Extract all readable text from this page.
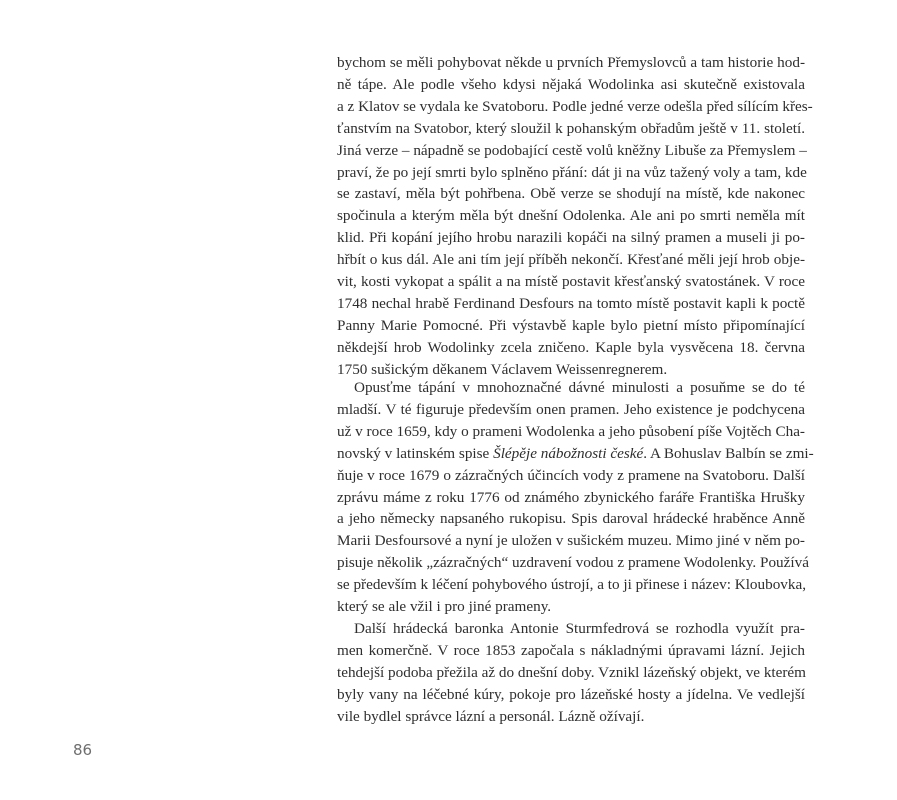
bychom se měli pohybovat někde u prvních Přemyslovců a tam historie hod-
ně tápe. Ale podle všeho kdysi nějaká Wodolinka asi skutečně existovala
a z Klatov se vydala ke Svatoboru. Podle jedné verze odešla před sílícím křes-
ťanstvím na Svatobor, který sloužil k pohanským obřadům ještě v 11. století.
Jiná verze – nápadně se podobající cestě volů kněžny Libuše za Přemyslem –
praví, že po její smrti bylo splněno přání: dát ji na vůz tažený voly a tam, kde
se zastaví, měla být pohřbena. Obě verze se shodují na místě, kde nakonec
spočinula a kterým měla být dnešní Odolenka. Ale ani po smrti neměla mít
klid. Při kopání jejího hrobu narazili kopáči na silný pramen a museli ji po-
hřbít o kus dál. Ale ani tím její příběh nekončí. Křesťané měli její hrob obje-
vit, kosti vykopat a spálit a na místě postavit křesťanský svatostánek. V roce
1748 nechal hrabě Ferdinand Desfours na tomto místě postavit kapli k poctě
Panny Marie Pomocné. Při výstavbě kaple bylo pietní místo připomínající
někdejší hrob Wodolinky zcela zničeno. Kaple byla vysvěcena 18. června
1750 sušickým děkanem Václavem Weissenregnerem.
Opusťme tápání v mnohoznačné dávné minulosti a posuňme se do té
mladší. V té figuruje především onen pramen. Jeho existence je podchycena
už v roce 1659, kdy o prameni Wodolenka a jeho působení píše Vojtěch Cha-
novský v latinském spise Šlépěje nábožnosti české. A Bohuslav Balbín se zmi-
ňuje v roce 1679 o zázračných účincích vody z pramene na Svatoboru. Další
zprávu máme z roku 1776 od známého zbynického faráře Františka Hrušky
a jeho německy napsaného rukopisu. Spis daroval hrádecké hraběnce Anně
Marii Desfoursové a nyní je uložen v sušickém muzeu. Mimo jiné v něm po-
pisuje několik „zázračných“ uzdravení vodou z pramene Wodolenky. Používá
se především k léčení pohybového ústrojí, a to ji přinese i název: Kloubovka,
který se ale vžil i pro jiné prameny.
Další hrádecká baronka Antonie Sturmfedrová se rozhodla využít pra-
men komerčně. V roce 1853 započala s nákladnými úpravami lázní. Jejich
tehdejší podoba přežila až do dnešní doby. Vznikl lázeňský objekt, ve kterém
byly vany na léčebné kúry, pokoje pro lázeňské hosty a jídelna. Ve vedlejší
vile bydlel správce lázní a personál. Lázně ožívají.
86
